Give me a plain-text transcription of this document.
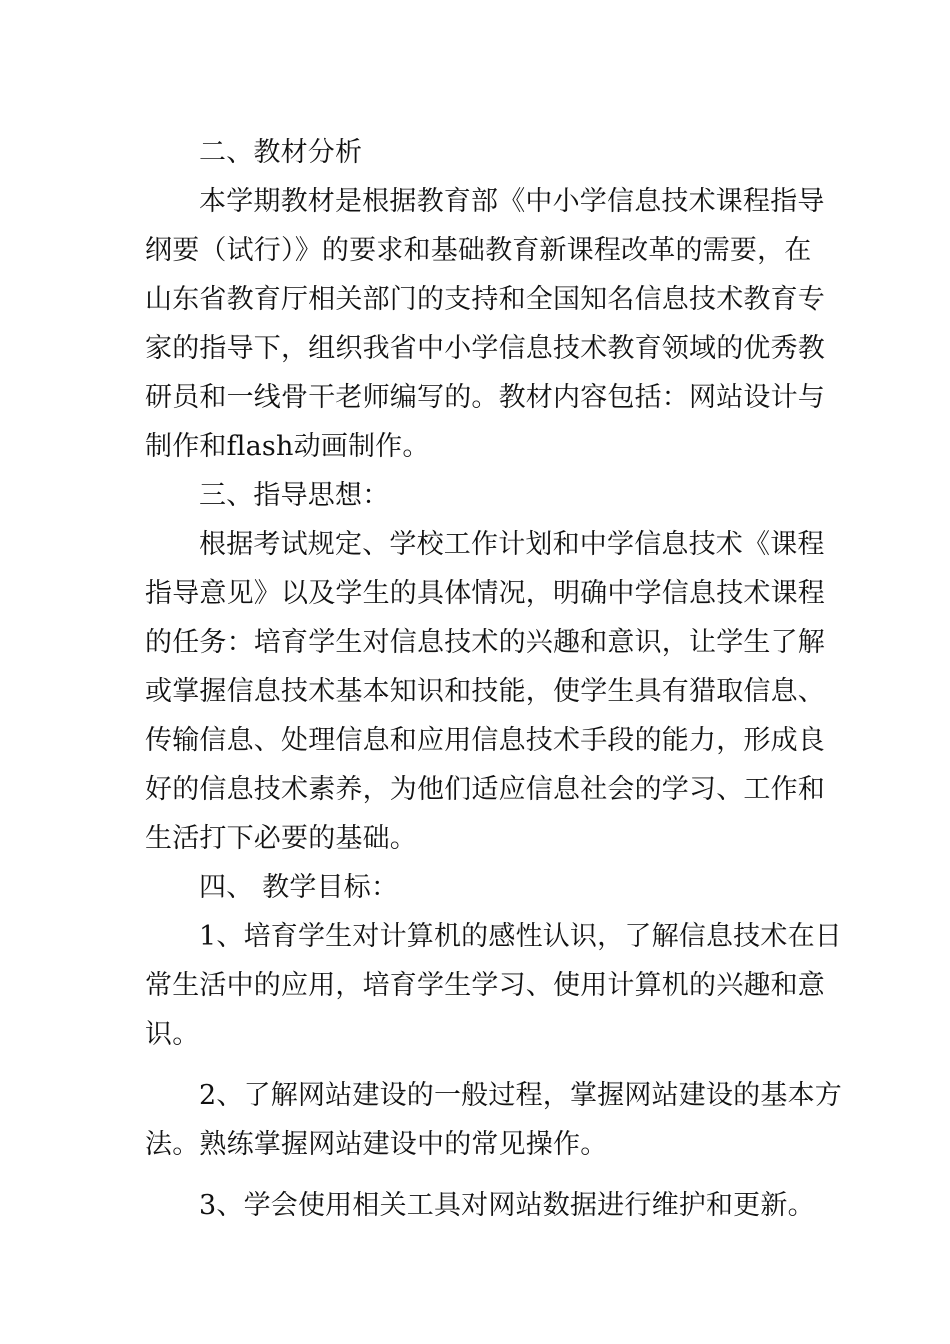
二、教材分析
本学期教材是根据教育部《中小学信息技术课程指导
纲要（试行）》的要求和基础教育新课程改革的需要，在
山东省教育厅相关部门的支持和全国知名信息技术教育专
家的指导下，组织我省中小学信息技术教育领域的优秀教
研员和一线骨干老师编写的。教材内容包括：网站设计与
制作和flash动画制作。
三、指导思想：
根据考试规定、学校工作计划和中学信息技术《课程
指导意见》以及学生的具体情况，明确中学信息技术课程
的任务：培育学生对信息技术的兴趣和意识，让学生了解
或掌握信息技术基本知识和技能，使学生具有猎取信息、
传输信息、处理信息和应用信息技术手段的能力，形成良
好的信息技术素养，为他们适应信息社会的学习、工作和
生活打下必要的基础。
四、 教学目标：
1、培育学生对计算机的感性认识，了解信息技术在日
常生活中的应用，培育学生学习、使用计算机的兴趣和意
识。
2、了解网站建设的一般过程，掌握网站建设的基本方
法。熟练掌握网站建设中的常见操作。
3、学会使用相关工具对网站数据进行维护和更新。
